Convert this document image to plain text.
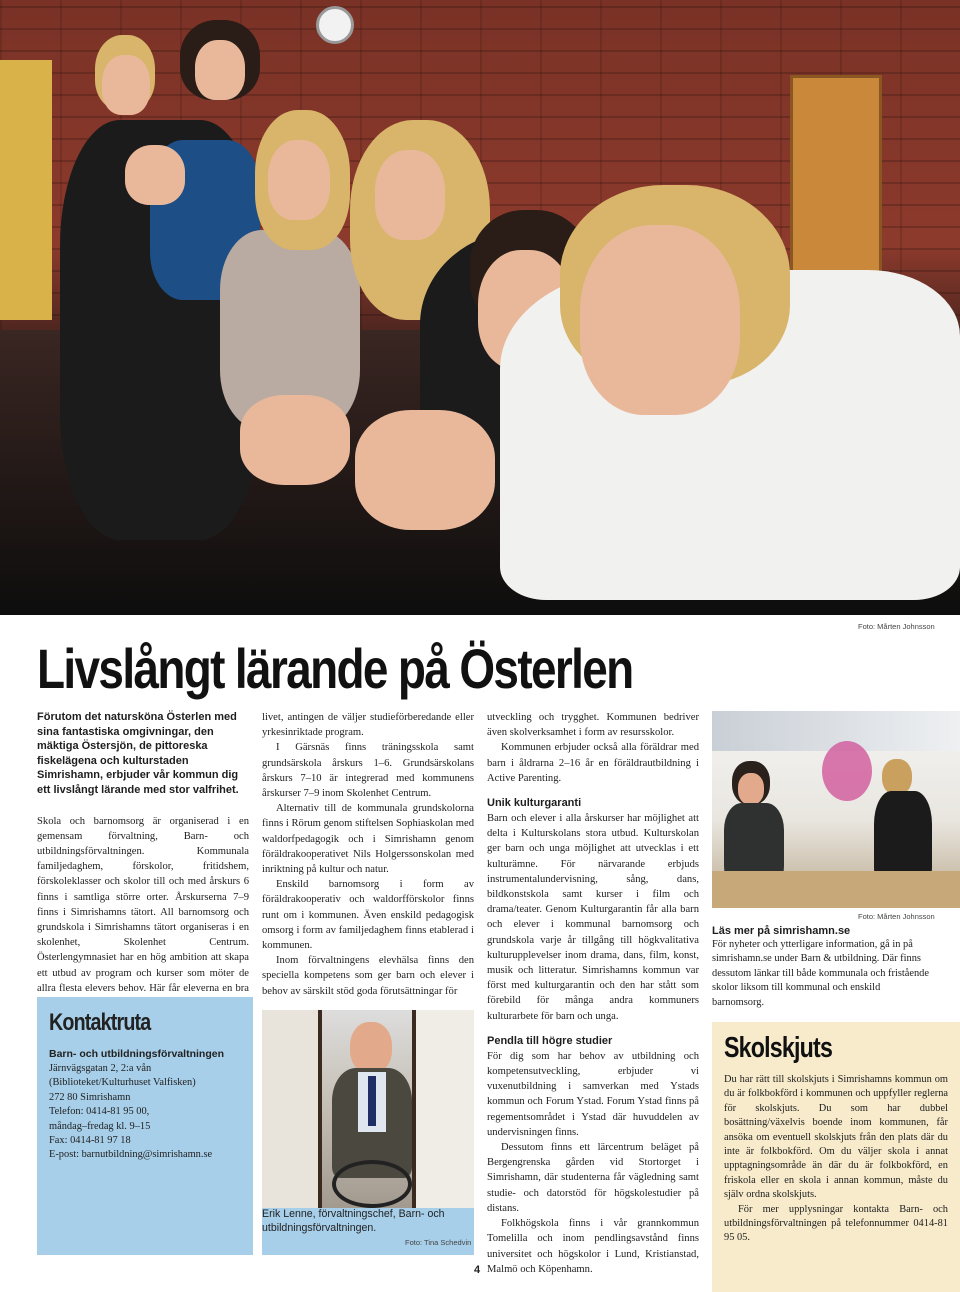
Foto: Mårten Johnsson
Livslångt lärande på Österlen
Förutom det natursköna Österlen med sina fantastiska omgivningar, den mäktiga Östersjön, de pittoreska fiskelägena och kulturstaden Simrishamn, erbjuder vår kommun dig ett livslångt lärande med stor valfrihet.

Skola och barnomsorg är organiserad i en gemensam förvaltning, Barn- och utbildningsförvaltningen. Kommunala familjedaghem, förskolor, fritidshem, förskoleklasser och skolor till och med årskurs 6 finns i samtliga större orter. Årskurserna 7–9 finns i Simrishamns tätort. All barnomsorg och grundskola i Simrishamns tätort organiseras i en skolenhet, Skolenhet Centrum. Österlengymnasiet har en hög ambition att skapa ett utbud av program och kurser som möter de allra flesta elevers behov. Här får eleverna en bra

Kontaktruta
Barn- och utbildningsförvaltningen
Järnvägsgatan 2, 2:a vån
(Biblioteket/Kulturhuset Valfisken)
272 80 Simrishamn
Telefon: 0414-81 95 00,
måndag–fredag kl. 9–15
Fax: 0414-81 97 18
E-post: barnutbildning@simrishamn.se

livet, antingen de väljer studieförberedande eller yrkesinriktade program.

I Gärsnäs finns träningsskola samt grundsärskola årskurs 1–6. Grundsärskolans årskurs 7–10 är integrerad med kommunens årskurser 7–9 inom Skolenhet Centrum.

Alternativ till de kommunala grundskolorna finns i Rörum genom stiftelsen Sophiaskolan med waldorfpedagogik och i Simrishamn genom föräldrakooperativet Nils Holgerssonskolan med inriktning på kultur och natur.

Enskild barnomsorg i form av föräldrakooperativ och waldorfförskolor finns runt om i kommunen. Även enskild pedagogisk omsorg i form av familjedaghem finns etablerad i kommunen.

Inom förvaltningens elevhälsa finns den speciella kompetens som ger barn och elever i behov av särskilt stöd goda förutsättningar för

Erik Lenne, förvaltningschef, Barn- och utbildningsförvaltningen.
Foto: Tina Schedvin

utveckling och trygghet. Kommunen bedriver även skolverksamhet i form av resursskolor.

Kommunen erbjuder också alla föräldrar med barn i åldrarna 2–16 år en föräldrautbildning i Active Parenting.

Unik kulturgaranti

Barn och elever i alla årskurser har möjlighet att delta i Kulturskolans stora utbud. Kulturskolan ger barn och unga möjlighet att utvecklas i ett kulturämne. För närvarande erbjuds instrumentalundervisning, sång, dans, bildkonstskola samt kurser i film och drama/teater. Genom Kulturgarantin får alla barn och elever i kommunal barnomsorg och grundskola varje år tillgång till högkvalitativa kulturupplevelser inom drama, dans, film, konst, musik och litteratur. Simrishamns kommun var först med kulturgarantin och den har stått som förebild för många andra kommuners kulturarbete för barn och unga.

Pendla till högre studier

För dig som har behov av utbildning och kompetensutveckling, erbjuder vi vuxenutbildning i samverkan med Ystads kommun och Forum Ystad. Forum Ystad finns på regementsområdet i Ystad där huvuddelen av undervisningen finns.

Dessutom finns ett lärcentrum beläget på Bergengrenska gården vid Stortorget i Simrishamn, där studenterna får vägledning samt studie- och datorstöd för högskolestudier på distans.

Folkhögskola finns i vår grannkommun Tomelilla och inom pendlingsavstånd finns universitet och högskolor i Lund, Kristianstad, Malmö och Köpenhamn.

Foto: Mårten Johnsson
Läs mer på simrishamn.se

För nyheter och ytterligare information, gå in på simrishamn.se under Barn & utbildning. Där finns dessutom länkar till både kommunala och fristående skolor liksom till kommunal och enskild barnomsorg.

Skolskjuts

Du har rätt till skolskjuts i Simrishamns kommun om du är folkbokförd i kommunen och uppfyller reglerna för skolskjuts. Du som har dubbel bosättning/växelvis boende inom kommunen, får ansöka om eventuell skolskjuts från den plats där du inte är folkbokförd. Om du väljer skola i annat upptagningsområde än där du är folkbokförd, en friskola eller en skola i annan kommun, måste du själv ordna skolskjuts.

För mer upplysningar kontakta Barn- och utbildningsförvaltningen på telefonnummer 0414-81 95 05.

4
